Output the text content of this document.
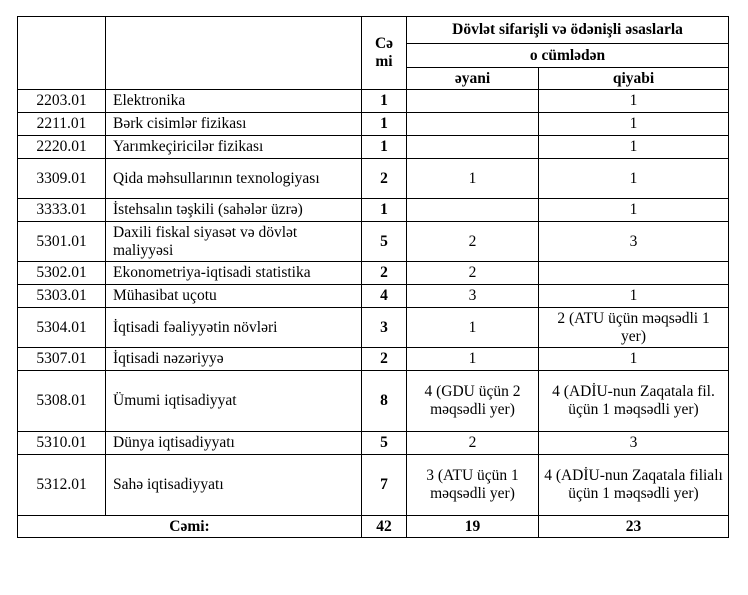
		Cəmi	Dövlət sifarişli və ödənişli əsaslarla	
			o cümlədən	
			əyani	qiyabi
2203.01	Elektronika	1		1
2211.01	Bərk cisimlər fizikası	1		1
2220.01	Yarımkeçiricilər fizikası	1		1
3309.01	Qida məhsullarının texnologiyası	2	1	1
3333.01	İstehsalın təşkili (sahələr üzrə)	1		1
5301.01	Daxili fiskal siyasət və dövlət maliyyəsi	5	2	3
5302.01	Ekonometriya-iqtisadi statistika	2	2	
5303.01	Mühasibat uçotu	4	3	1
5304.01	İqtisadi fəaliyyətin növləri	3	1	2 (ATU üçün məqsədli 1 yer)
5307.01	İqtisadi nəzəriyyə	2	1	1
5308.01	Ümumi iqtisadiyyat	8	4 (GDU üçün 2 məqsədli yer)	4 (ADİU-nun Zaqatala fil. üçün 1 məqsədli yer)
5310.01	Dünya iqtisadiyyatı	5	2	3
5312.01	Sahə iqtisadiyyatı	7	3 (ATU üçün 1 məqsədli yer)	4 (ADİU-nun Zaqatala filialı üçün 1 məqsədli yer)
Cəmi:		42	19	23
